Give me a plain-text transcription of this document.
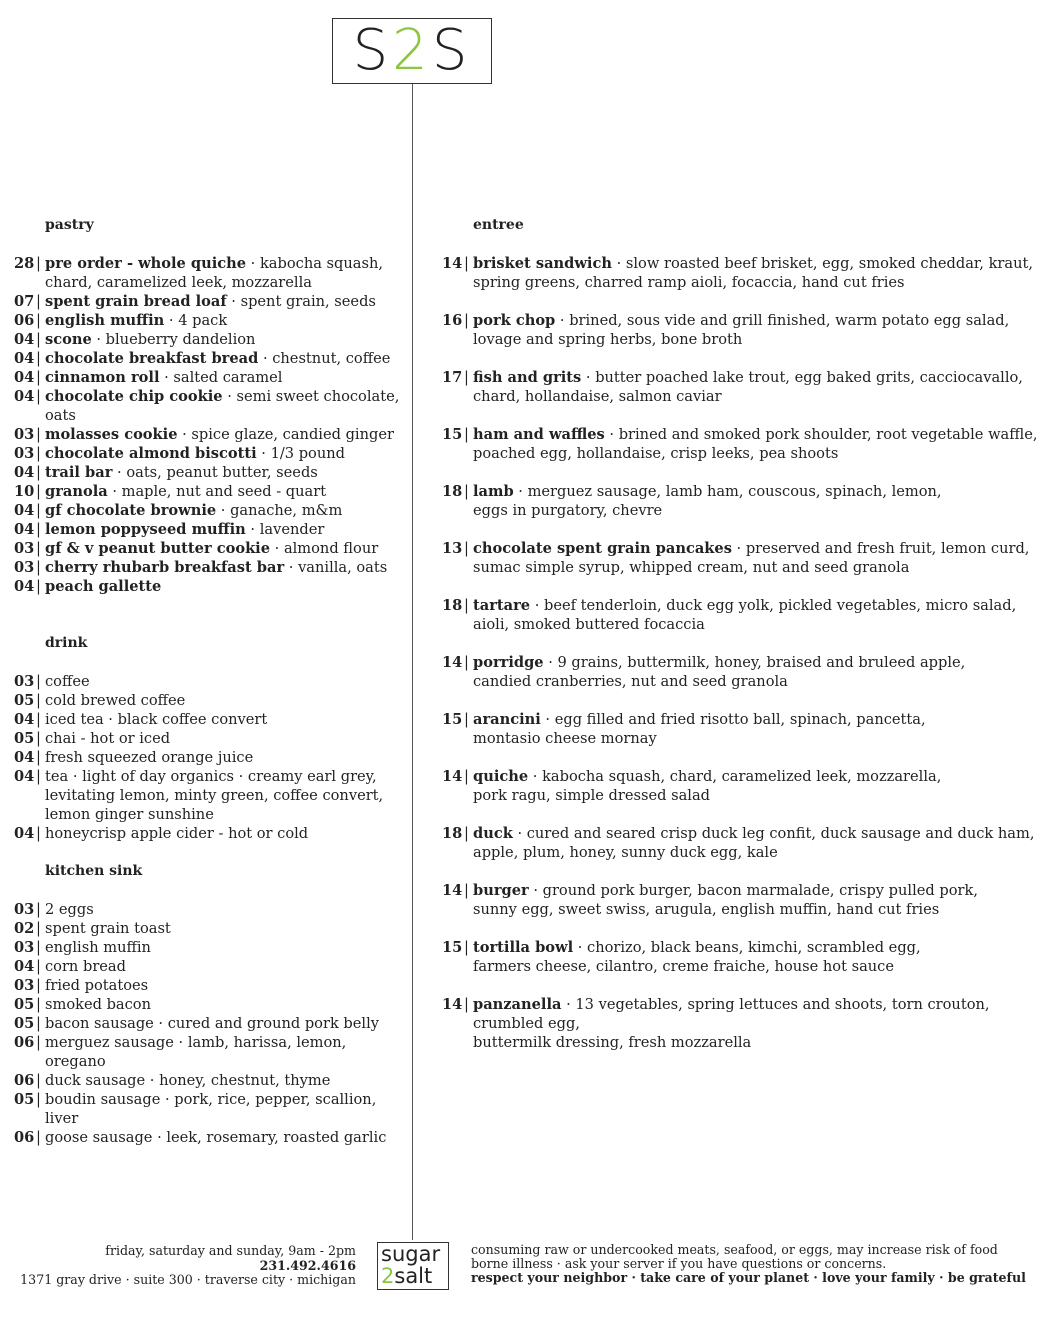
S 2 S
pastry
28 | pre order - whole quiche · kabocha squash, chard, caramelized leek, mozzarella
07 | spent grain bread loaf · spent grain, seeds
06 | english muffin · 4 pack
04 | scone · blueberry dandelion
04 | chocolate breakfast bread · chestnut, coffee
04 | cinnamon roll · salted caramel
04 | chocolate chip cookie · semi sweet chocolate, oats
03 | molasses cookie · spice glaze, candied ginger
03 | chocolate almond biscotti · 1/3 pound
04 | trail bar · oats, peanut butter, seeds
10 | granola · maple, nut and seed - quart
04 | gf chocolate brownie · ganache, m&m
04 | lemon poppyseed muffin · lavender
03 | gf & v peanut butter cookie · almond flour
03 | cherry rhubarb breakfast bar · vanilla, oats
04 | peach gallette
drink
03 | coffee
05 | cold brewed coffee
04 | iced tea · black coffee convert
05 | chai - hot or iced
04 | fresh squeezed orange juice
04 | tea · light of day organics · creamy earl grey, levitating lemon, minty green, coffee convert, lemon ginger sunshine
04 | honeycrisp apple cider - hot or cold
kitchen sink
03 | 2 eggs
02 | spent grain toast
03 | english muffin
04 | corn bread
03 | fried potatoes
05 | smoked bacon
05 | bacon sausage · cured and ground pork belly
06 | merguez sausage · lamb, harissa, lemon, oregano
06 | duck sausage · honey, chestnut, thyme
05 | boudin sausage · pork, rice, pepper, scallion, liver
06 | goose sausage · leek, rosemary, roasted garlic
entree
14 | brisket sandwich · slow roasted beef brisket, egg, smoked cheddar, kraut,
spring greens, charred ramp aioli, focaccia, hand cut fries
16 | pork chop · brined, sous vide and grill finished, warm potato egg salad,
lovage and spring herbs, bone broth
17 | fish and grits · butter poached lake trout, egg baked grits, cacciocavallo,
chard, hollandaise, salmon caviar
15 | ham and waffles · brined and smoked pork shoulder, root vegetable waffle,
poached egg, hollandaise, crisp leeks, pea shoots
18 | lamb · merguez sausage, lamb ham, couscous, spinach, lemon,
eggs in purgatory, chevre
13 | chocolate spent grain pancakes · preserved and fresh fruit, lemon curd,
sumac simple syrup, whipped cream, nut and seed granola
18 | tartare · beef tenderloin, duck egg yolk, pickled vegetables, micro salad,
aioli, smoked buttered focaccia
14 | porridge · 9 grains, buttermilk, honey, braised and bruleed apple,
candied cranberries, nut and seed granola
15 | arancini · egg filled and fried risotto ball, spinach, pancetta,
montasio cheese mornay
14 | quiche · kabocha squash, chard, caramelized leek, mozzarella,
pork ragu, simple dressed salad
18 | duck · cured and seared crisp duck leg confit, duck sausage and duck ham,
apple, plum, honey, sunny duck egg, kale
14 | burger · ground pork burger, bacon marmalade, crispy pulled pork,
sunny egg, sweet swiss, arugula, english muffin, hand cut fries
15 | tortilla bowl · chorizo, black beans, kimchi, scrambled egg,
farmers cheese, cilantro, creme fraiche, house hot sauce
14 | panzanella · 13 vegetables, spring lettuces and shoots, torn crouton, crumbled egg,
buttermilk dressing, fresh mozzarella
friday, saturday and sunday, 9am - 2pm
231.492.4616
1371 gray drive · suite 300 · traverse city · michigan
sugar
2salt
consuming raw or undercooked meats, seafood, or eggs, may increase risk of food
borne illness · ask your server if you have questions or concerns.
respect your neighbor · take care of your planet · love your family · be grateful
